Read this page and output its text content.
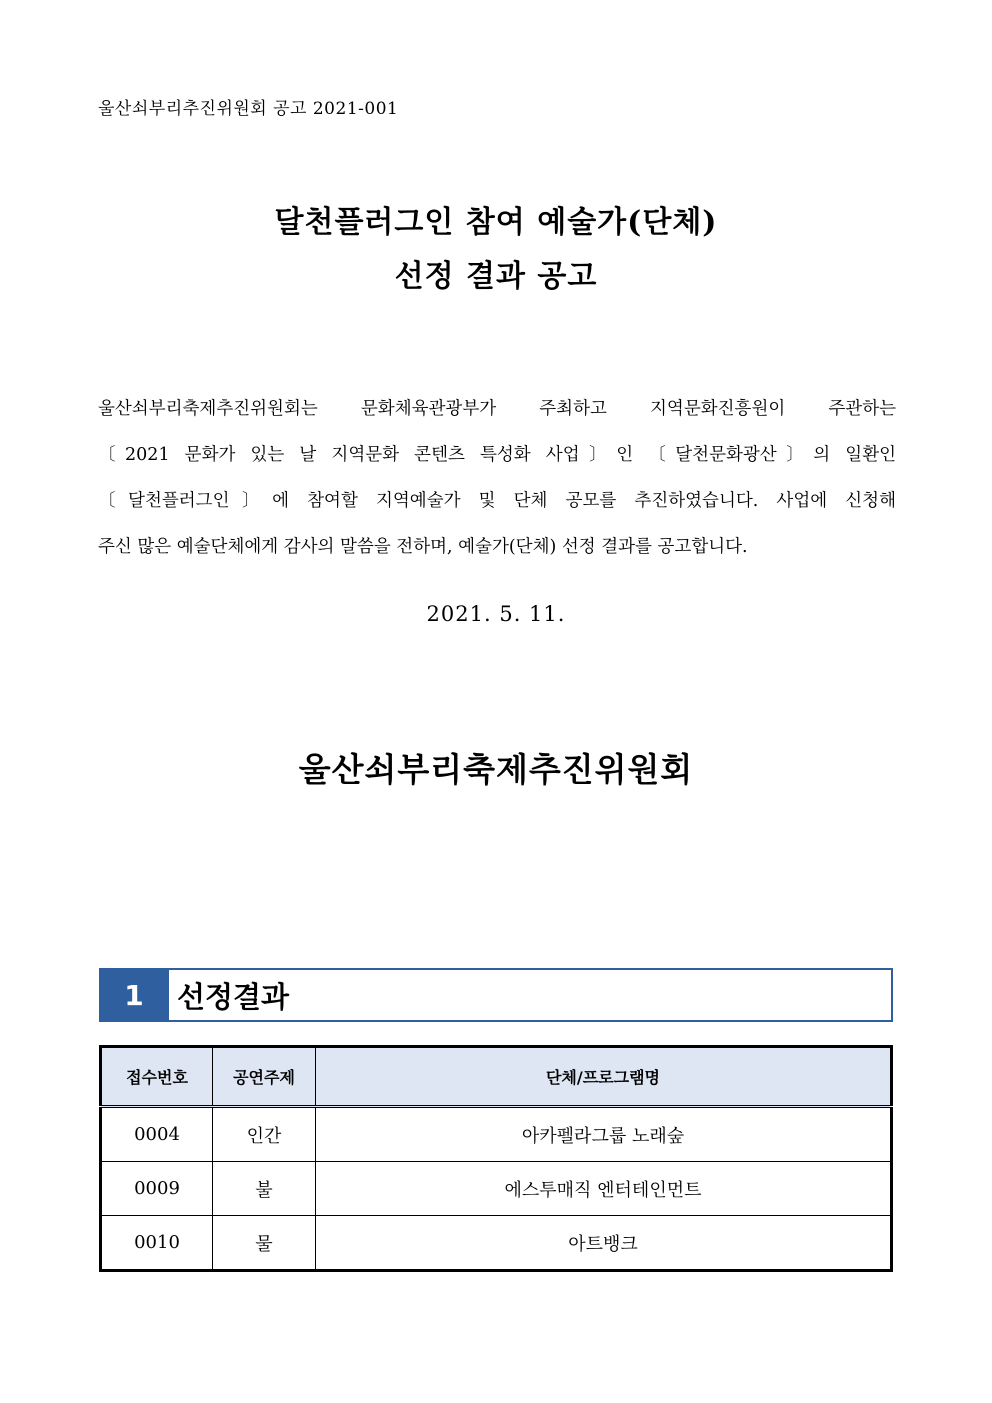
울산쇠부리추진위원회 공고 2021-001
달천플러그인 참여 예술가(단체)
선정 결과 공고
울산쇠부리축제추진위원회는 문화체육관광부가 주최하고 지역문화진흥원이 주관하는
〔2021 문화가 있는 날 지역문화 콘텐츠 특성화 사업〕인 〔달천문화광산〕의 일환인
〔달천플러그인〕에 참여할 지역예술가 및 단체 공모를 추진하였습니다. 사업에 신청해
주신 많은 예술단체에게 감사의 말씀을 전하며, 예술가(단체) 선정 결과를 공고합니다.
2021. 5. 11.
울산쇠부리축제추진위원회
1	선정결과
접수번호	공연주제	단체/프로그램명
0004	인간	아카펠라그룹 노래숲
0009	불	에스투매직 엔터테인먼트
0010	물	아트뱅크
